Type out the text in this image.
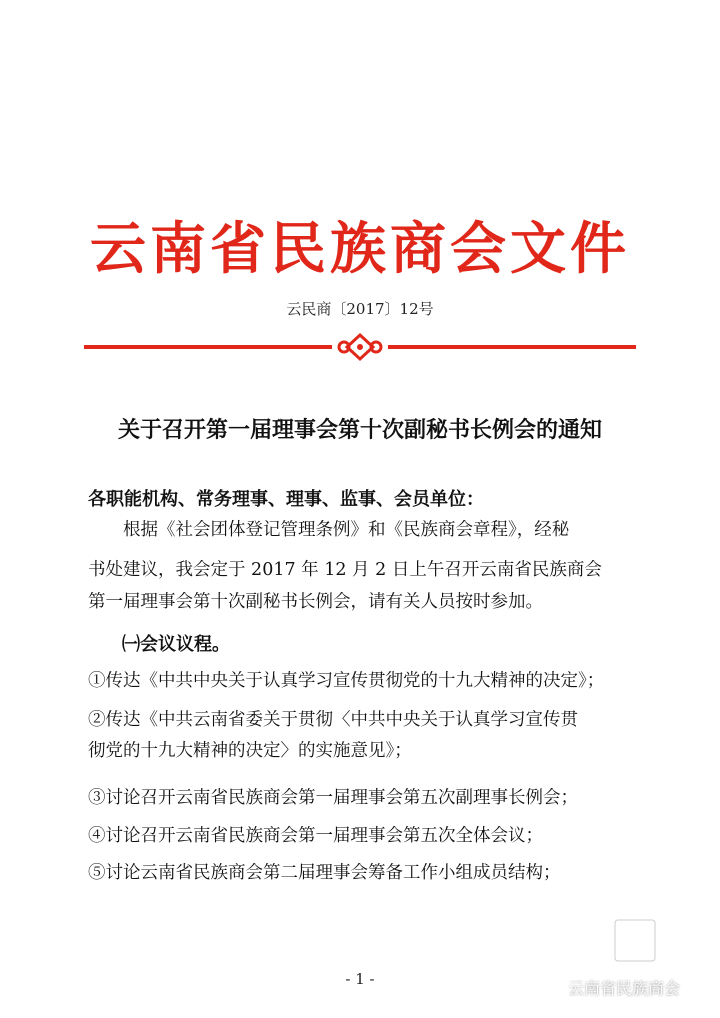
云南省民族商会文件
云民商〔2017〕12号
关于召开第一届理事会第十次副秘书长例会的通知
各职能机构、常务理事、理事、监事、会员单位：
根据《社会团体登记管理条例》和《民族商会章程》，经秘
书处建议，我会定于 2017 年 12 月 2 日上午召开云南省民族商会
第一届理事会第十次副秘书长例会，请有关人员按时参加。
㈠会议议程。
①传达《中共中央关于认真学习宣传贯彻党的十九大精神的决定》；
②传达《中共云南省委关于贯彻〈中共中央关于认真学习宣传贯
彻党的十九大精神的决定〉的实施意见》；
③讨论召开云南省民族商会第一届理事会第五次副理事长例会；
④讨论召开云南省民族商会第一届理事会第五次全体会议；
⑤讨论云南省民族商会第二届理事会筹备工作小组成员结构；
- 1 -	云南省民族商会
